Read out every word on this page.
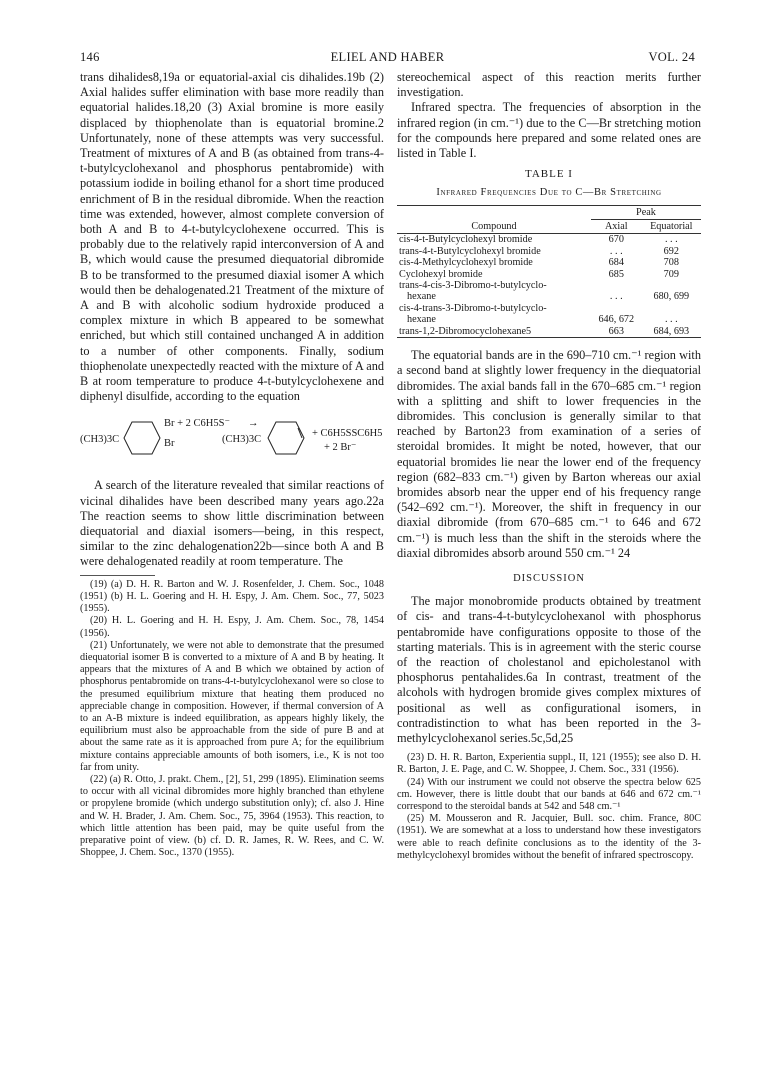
146	ELIEL AND HABER	VOL. 24

trans dihalides8,19a or equatorial-axial cis dihalides.19b (2) Axial halides suffer elimination with base more readily than equatorial halides.18,20 (3) Axial bromine is more easily displaced by thiophenolate than is equatorial bromine.2 Unfortunately, none of these attempts was very successful. Treatment of mixtures of A and B (as obtained from trans-4-t-butylcyclohexanol and phosphorus pentabromide) with potassium iodide in boiling ethanol for a short time produced enrichment of B in the residual dibromide. When the reaction time was extended, however, almost complete conversion of both A and B to 4-t-butylcyclohexene occurred. This is probably due to the relatively rapid interconversion of A and B, which would cause the presumed diequatorial dibromide B to be transformed to the presumed diaxial isomer A which would then be dehalogenated.21 Treatment of the mixture of A and B with alcoholic sodium hydroxide produced a complex mixture in which B appeared to be somewhat enriched, but which still contained unchanged A in addition to a number of other components. Finally, sodium thiophenolate unexpectedly reacted with the mixture of A and B at room temperature to produce 4-t-butylcyclohexene and diphenyl disulfide, according to the equation

Br + 2 C6H5S⁻
Br
→
(CH3)3C	(CH3)3C
+ C6H5SSC6H5
+ 2 Br⁻

A search of the literature revealed that similar reactions of vicinal dihalides have been described many years ago.22a The reaction seems to show little discrimination between diequatorial and diaxial isomers—being, in this respect, similar to the zinc dehalogenation22b—since both A and B were dehalogenated readily at room temperature. The

(19) (a) D. H. R. Barton and W. J. Rosenfelder, J. Chem. Soc., 1048 (1951) (b) H. L. Goering and H. H. Espy, J. Am. Chem. Soc., 77, 5023 (1955).

(20) H. L. Goering and H. H. Espy, J. Am. Chem. Soc., 78, 1454 (1956).

(21) Unfortunately, we were not able to demonstrate that the presumed diequatorial isomer B is converted to a mixture of A and B by heating. It appears that the mixtures of A and B which we obtained by action of phosphorus pentabromide on trans-4-t-butylcyclohexanol were so close to the presumed equilibrium mixture that heating them produced no appreciable change in composition. However, if thermal conversion of A to an A-B mixture is indeed equilibration, as appears highly likely, the equilibrium must also be approachable from the side of pure B and at about the same rate as it is approached from pure A; for the equilibrium mixture contains appreciable amounts of both isomers, i.e., K is not too far from unity.

(22) (a) R. Otto, J. prakt. Chem., [2], 51, 299 (1895). Elimination seems to occur with all vicinal dibromides more highly branched than ethylene or propylene bromide (which undergo substitution only); cf. also J. Hine and W. H. Brader, J. Am. Chem. Soc., 75, 3964 (1953). This reaction, to which little attention has been paid, may be quite useful from the preparative point of view. (b) cf. D. R. James, R. W. Rees, and C. W. Shoppee, J. Chem. Soc., 1370 (1955).

stereochemical aspect of this reaction merits further investigation.

Infrared spectra. The frequencies of absorption in the infrared region (in cm.⁻¹) due to the C—Br stretching motion for the compounds here prepared and some related ones are listed in Table I.

TABLE I
Infrared Frequencies Due to C—Br Stretching
	Peak	
Compound	Axial	Equatorial
cis-4-t-Butylcyclohexyl bromide	670	. . .
trans-4-t-Butylcyclohexyl bromide	. . .	692
cis-4-Methylcyclohexyl bromide	684	708
Cyclohexyl bromide	685	709
trans-4-cis-3-Dibromo-t-butylcyclo-		
hexane	. . .	680, 699
cis-4-trans-3-Dibromo-t-butylcyclo-		
hexane	646, 672	. . .
trans-1,2-Dibromocyclohexane5	663	684, 693

The equatorial bands are in the 690–710 cm.⁻¹ region with a second band at slightly lower frequency in the diequatorial dibromides. The axial bands fall in the 670–685 cm.⁻¹ region with a splitting and shift to lower frequencies in the dibromides. This conclusion is generally similar to that reached by Barton23 from examination of a series of steroidal bromides. It might be noted, however, that our equatorial bromides lie near the lower end of the frequency region (682–833 cm.⁻¹) given by Barton whereas our axial bromides absorb near the upper end of his frequency range (542–692 cm.⁻¹). Moreover, the shift in frequency in our diaxial dibromide (from 670–685 cm.⁻¹ to 646 and 672 cm.⁻¹) is much less than the shift in the steroids where the diaxial dibromides absorb around 550 cm.⁻¹ 24

DISCUSSION

The major monobromide products obtained by treatment of cis- and trans-4-t-butylcyclohexanol with phosphorus pentabromide have configurations opposite to those of the starting materials. This is in agreement with the steric course of the reaction of cholestanol and epicholestanol with phosphorus pentahalides.6a In contrast, treatment of the alcohols with hydrogen bromide gives complex mixtures of positional as well as configurational isomers, in contradistinction to what has been reported in the 3-methylcyclohexanol series.5c,5d,25

(23) D. H. R. Barton, Experientia suppl., II, 121 (1955); see also D. H. R. Barton, J. E. Page, and C. W. Shoppee, J. Chem. Soc., 331 (1956).

(24) With our instrument we could not observe the spectra below 625 cm. However, there is little doubt that our bands at 646 and 672 cm.⁻¹ correspond to the steroidal bands at 542 and 548 cm.⁻¹

(25) M. Mousseron and R. Jacquier, Bull. soc. chim. France, 80C (1951). We are somewhat at a loss to understand how these investigators were able to reach definite conclusions as to the identity of the 3-methylcyclohexyl bromides without the benefit of infrared spectroscopy.
